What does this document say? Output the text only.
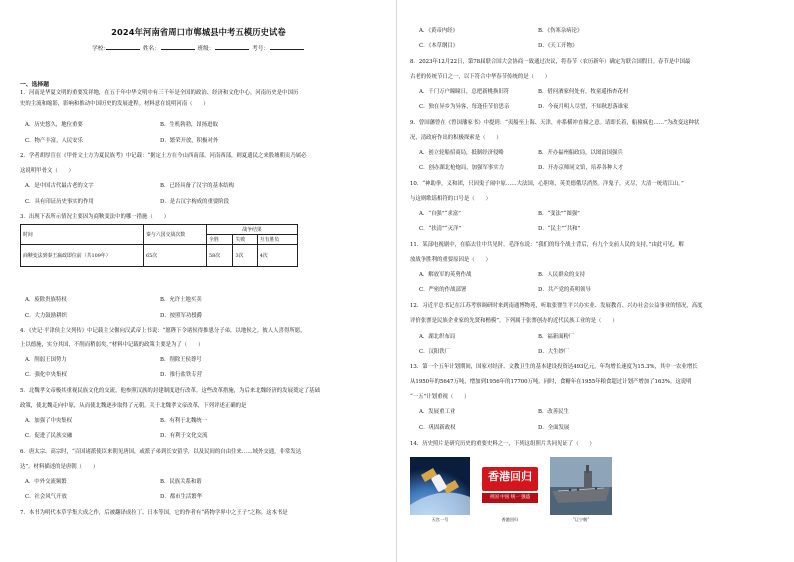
2024年河南省周口市郸城县中考五模历史试卷
学校:	姓名：	班级：	考号：
一、选择题
1．河南是华夏文明的重要发祥地，在五千年中华文明中有三千年是全国的政治、经济和文化中心。河南历史是中国历
史的主流和缩影，影响和推动中国历史的发展进程。材料意在说明河南（　　）
A．历史悠久，地位重要	B．生机勃勃，昂扬进取
C．物产丰富，人民安乐	D．繁荣开放，积极对外
2．学者胡厚宣在《甲骨文土方为夏民族考》中记载：“据定土方在今山西南部，河南西部，则夏遗民之来股墟朝贡乃属必
这说明甲骨文（　　）
A．是中国古代最古老的文字	B．已经具备了汉字的基本结构
C．具有印证历史事实的作用	D．是古汉字构成的重要阶段
3．出现下表所示情况主要因为商鞅变法中的哪一措施（　　）
时间	秦与六国交战次数	战争结果		
		全胜	失败	互有胜负
商鞅变法到秦王嬴政即位前（共109年）	65次	58次	3次	4次
A．废除贵族特权	B．允许土地买卖
C．大力鼓励耕织	D．按照军功授爵
4．《史记·平津侯主父列传》中记载主父偃向汉武帝上书说：“愿陛下令诸侯得推恩分子弟，以地侯之。彼人人喜得所愿，
上以德施，实分其国，不削而稍弱矣。”材料中记载的政策主要是为了（　　）
A．削弱王国势力	B．削除王侯尊号
C．强化中央集权	D．推行盐铁专营
5．北魏孝文帝极其重视民族文化的交流，他参照汉族的封建制度进行改革。这些改革措施，为后来北魏经济的发展奠定了基础
政策，使北魏走向中原，从而使北魏逐步取得了元朝。关于北魏孝文帝改革，下列评述正确的是
A．加强了中央集权	B．有利于北魏统一
C．促进了民族交融	D．有利于文化交流
6．唐太宗、高宗时，“百国诸派使臣来朝见唐国，或派子弟到长安留学，以及民间的自由往来……域外交通，非常发达
达”。材料描述的是唐朝（　　）
A．中外交流频繁	B．民族关系和谐
C．社会风气开放	D．都市生活繁华
7．本书为明代本草学集大成之作，后被翻译成拉丁、日本等国，它的作者有“药物学界中之王子”之称。这本书是
A．《黄帝内经》	B．《伤寒杂病论》
C．《本草纲目》	D．《天工开物》
8．2023年12月22日，第78届联合国大会协商一致通过决议，将春节（农历新年）确定为联合国假日。春节是中国最
古老的传统节日之一，以下符合中华春节传统的是（　　）
A．千门万户瞳瞳日，总把新桃换旧符	B．借问酒家何处有，牧童遥指杏花村
C．独在异乡为异客，每逢佳节倍思亲	D．今夜月明人尽望，不知秋思落谁家
9．曾国藩曾在《曾国藩家书》中提到：“夷船至上海、天津，亦系横冲直撞之意。请即长着，船撞疯也……”为改变这种状
况，清政府作出的积极探索是（　　）
A．创立轮船招商局，抵制经济侵略	B．开办福州船政局，以图富国强兵
C．创办湖北枪炮局，加强军事实力	D．开办京师同文馆，培养各种人才
10．“神助拳，义和团，只因鬼子闹中原……大法国，心胆寒，英美德俄尽消然。洋鬼子，灭尽，大清一统靖江山。”
与这则歌谣相符的口号是（　　）
A．“自强”“求富”	B．“变法”“图强”
C．“扶清”“灭洋”	D．“民主”“共和”
11．某部电视剧中，在临去往中共见时，毛泽东说：“我们的每个战士背后，有九个支前人民的支持，”由此可见，解
放战争胜利的重要原因是（　　）
A．解放军的英勇作战	B．人民群众的支持
C．严密的作战部署	D．共产党的英明领导
12．习近平总书记在江苏考察调研时来到南通博物苑，听取张謇生平兴办实业、发展教育、兴办社会公益事业的情况，高度
评价张謇是民族企业家的先贤和楷模”。下列属于张謇创办的近代民族工业的是（　　）
A．湖北织布局	B．福新面粉厂
C．汉阳铁厂	D．大生纱厂
13．第一个五年计划期间，国家对经济、文教卫生的基本建设投资达493亿元，年均增长速度为15.3%，其中一农业增长
从1950年的5647万吨，增加到1956年的17700万吨。同时，食糖年在1955年粮食超过计划产增加了163%。这说明
“一五”计划重视（　　）
A．发展重工业	B．改善民生
C．巩固新政权	D．全面发展
14．历史照片是研究历史的重要史料之一，下列这组照片共同见证了（　　）
天宫一号
香港回归
祖国 中国 统一 强盛
香港回归	“辽宁舰”
